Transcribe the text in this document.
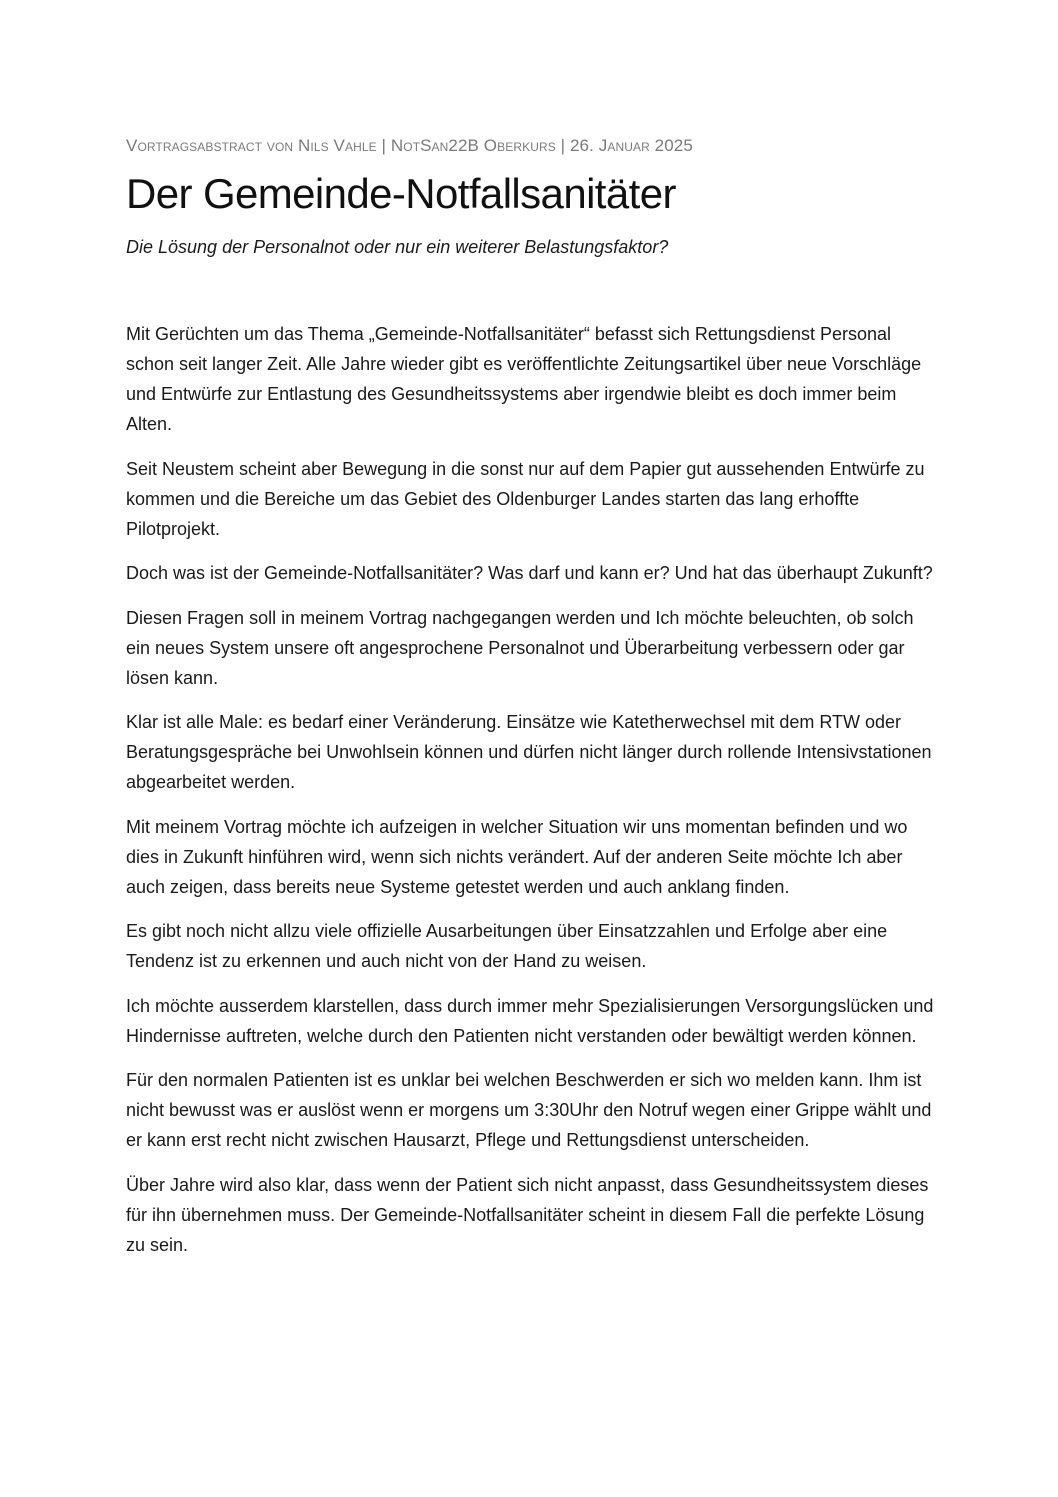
Vortragsabstract von Nils Vahle | NotSan22B Oberkurs | 26. Januar 2025
Der Gemeinde-Notfallsanitäter

Die Lösung der Personalnot oder nur ein weiterer Belastungsfaktor?

Mit Gerüchten um das Thema „Gemeinde-Notfallsanitäter“ befasst sich Rettungsdienst Personal schon seit langer Zeit. Alle Jahre wieder gibt es veröffentlichte Zeitungsartikel über neue Vorschläge und Entwürfe zur Entlastung des Gesundheitssystems aber irgendwie bleibt es doch immer beim Alten.

Seit Neustem scheint aber Bewegung in die sonst nur auf dem Papier gut aussehenden Entwürfe zu kommen und die Bereiche um das Gebiet des Oldenburger Landes starten das lang erhoffte Pilotprojekt.

Doch was ist der Gemeinde-Notfallsanitäter? Was darf und kann er? Und hat das überhaupt Zukunft?

Diesen Fragen soll in meinem Vortrag nachgegangen werden und Ich möchte beleuchten, ob solch ein neues System unsere oft angesprochene Personalnot und Überarbeitung verbessern oder gar lösen kann.

Klar ist alle Male: es bedarf einer Veränderung. Einsätze wie Katetherwechsel mit dem RTW oder Beratungsgespräche bei Unwohlsein können und dürfen nicht länger durch rollende Intensivstationen abgearbeitet werden.

Mit meinem Vortrag möchte ich aufzeigen in welcher Situation wir uns momentan befinden und wo dies in Zukunft hinführen wird, wenn sich nichts verändert. Auf der anderen Seite möchte Ich aber auch zeigen, dass bereits neue Systeme getestet werden und auch anklang finden.

Es gibt noch nicht allzu viele offizielle Ausarbeitungen über Einsatzzahlen und Erfolge aber eine Tendenz ist zu erkennen und auch nicht von der Hand zu weisen.

Ich möchte ausserdem klarstellen, dass durch immer mehr Spezialisierungen Versorgungslücken und Hindernisse auftreten, welche durch den Patienten nicht verstanden oder bewältigt werden können.

Für den normalen Patienten ist es unklar bei welchen Beschwerden er sich wo melden kann. Ihm ist nicht bewusst was er auslöst wenn er morgens um 3:30Uhr den Notruf wegen einer Grippe wählt und er kann erst recht nicht zwischen Hausarzt, Pflege und Rettungsdienst unterscheiden.

Über Jahre wird also klar, dass wenn der Patient sich nicht anpasst, dass Gesundheitssystem dieses für ihn übernehmen muss. Der Gemeinde-Notfallsanitäter scheint in diesem Fall die perfekte Lösung zu sein.
